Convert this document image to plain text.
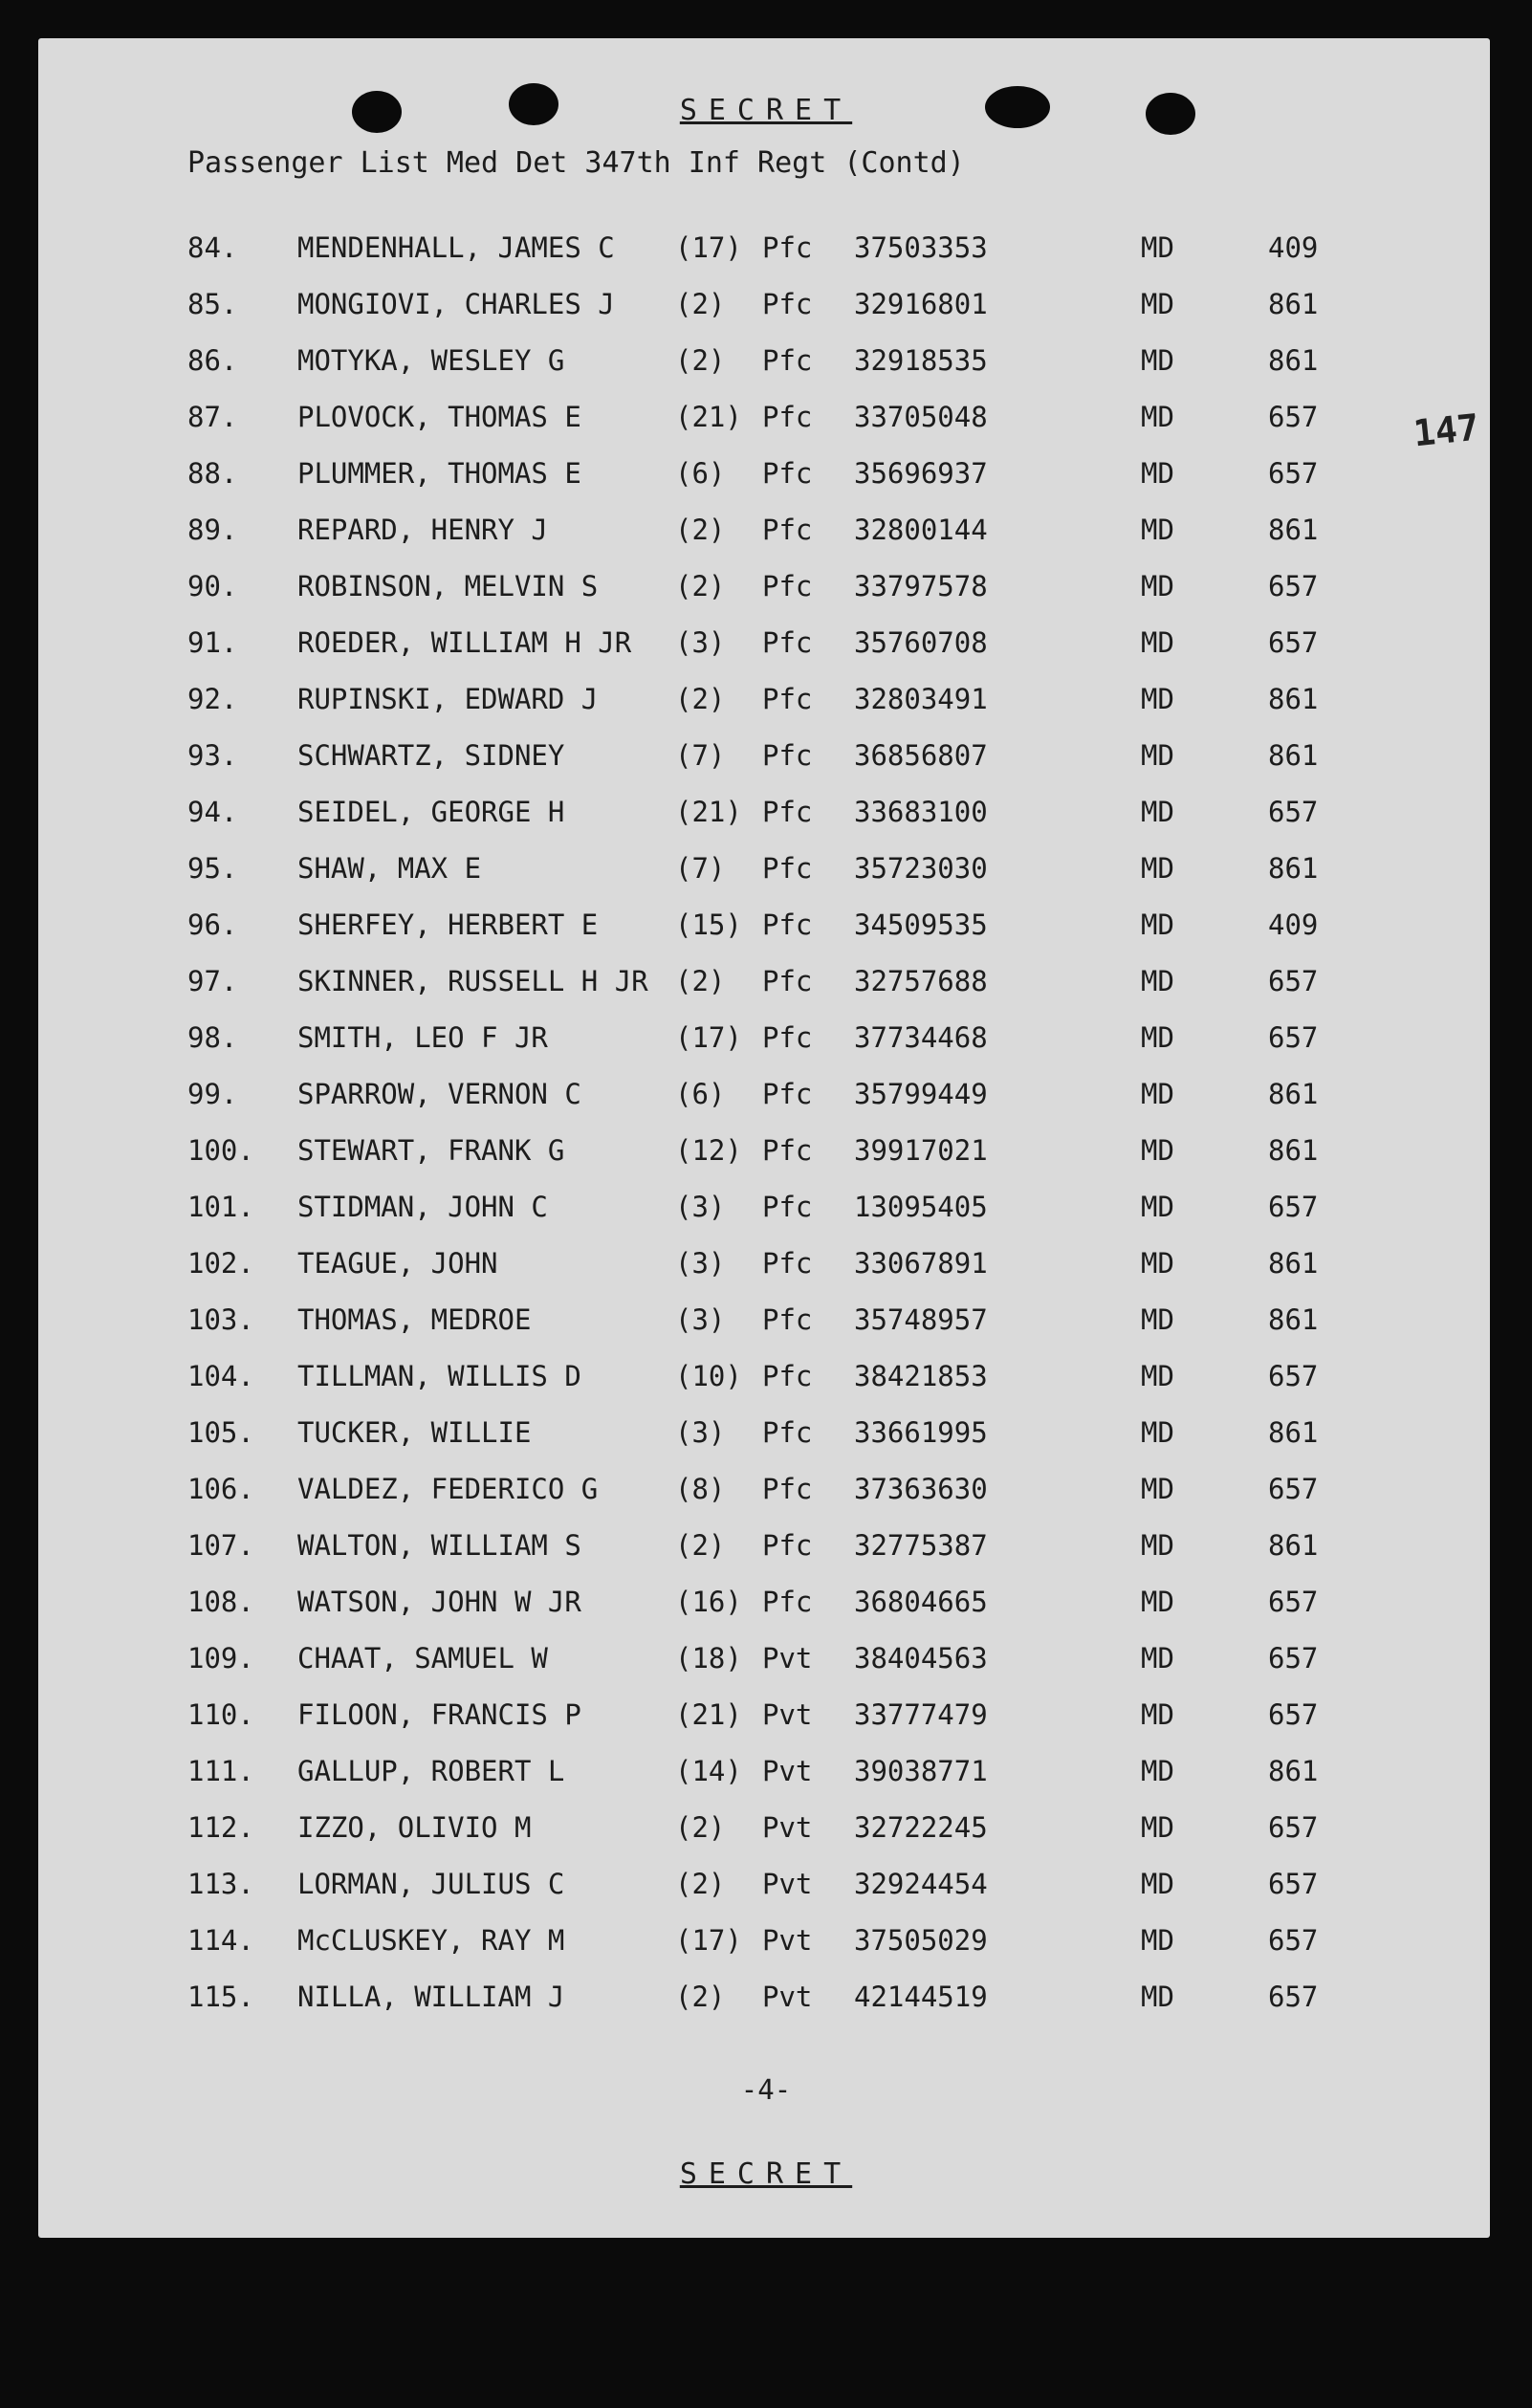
SECRET
Passenger List Med Det 347th Inf Regt (Contd)
147
84. MENDENHALL, JAMES C (17) Pfc 37503353	MD	409
85. MONGIOVI, CHARLES J (2) Pfc 32916801	MD	861
86. MOTYKA, WESLEY G	(2) Pfc 32918535	MD	861
87. PLOVOCK, THOMAS E	(21) Pfc 33705048	MD	657
88. PLUMMER, THOMAS E	(6) Pfc 35696937	MD	657
89. REPARD, HENRY J	(2) Pfc 32800144	MD	861
90. ROBINSON, MELVIN S	(2) Pfc 33797578	MD	657
91. ROEDER, WILLIAM H JR (3) Pfc 35760708	MD	657
92. RUPINSKI, EDWARD J	(2) Pfc 32803491	MD	861
93. SCHWARTZ, SIDNEY	(7) Pfc 36856807	MD	861
94. SEIDEL, GEORGE H	(21) Pfc 33683100	MD	657
95. SHAW, MAX E	(7) Pfc 35723030	MD	861
96. SHERFEY, HERBERT E	(15) Pfc 34509535	MD	409
97. SKINNER, RUSSELL H JR (2) Pfc 32757688	MD	657
98. SMITH, LEO F JR	(17) Pfc 37734468	MD	657
99. SPARROW, VERNON C	(6) Pfc 35799449	MD	861
100. STEWART, FRANK G	(12) Pfc 39917021	MD	861
101. STIDMAN, JOHN C	(3) Pfc 13095405	MD	657
102. TEAGUE, JOHN	(3) Pfc 33067891	MD	861
103. THOMAS, MEDROE	(3) Pfc 35748957	MD	861
104. TILLMAN, WILLIS D	(10) Pfc 38421853	MD	657
105. TUCKER, WILLIE	(3) Pfc 33661995	MD	861
106. VALDEZ, FEDERICO G	(8) Pfc 37363630	MD	657
107. WALTON, WILLIAM S	(2) Pfc 32775387	MD	861
108. WATSON, JOHN W JR	(16) Pfc 36804665	MD	657
109. CHAAT, SAMUEL W	(18) Pvt 38404563	MD	657
110. FILOON, FRANCIS P	(21) Pvt 33777479	MD	657
111. GALLUP, ROBERT L	(14) Pvt 39038771	MD	861
112. IZZO, OLIVIO M	(2) Pvt 32722245	MD	657
113. LORMAN, JULIUS C	(2) Pvt 32924454	MD	657
114. McCLUSKEY, RAY M	(17) Pvt 37505029	MD	657
115. NILLA, WILLIAM J	(2) Pvt 42144519	MD	657
-4-
SECRET
